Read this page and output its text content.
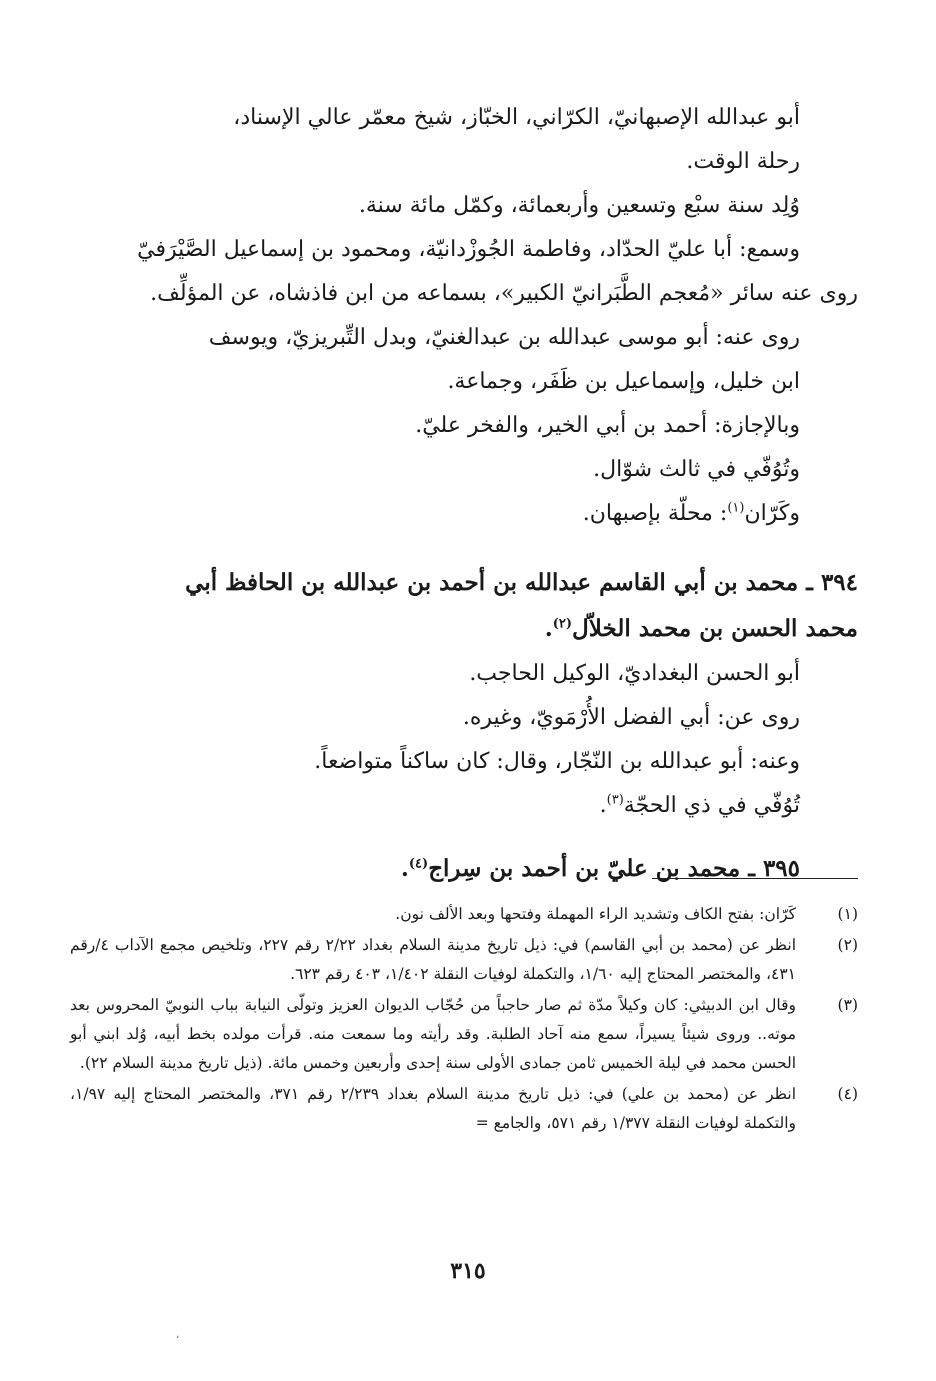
أبو عبدالله الإصبهانيّ، الكرّاني، الخبّاز، شيخ معمّر عالي الإسناد،
رحلة الوقت.

وُلِد سنة سبْع وتسعين وأربعمائة، وكمّل مائة سنة.

وسمع: أبا عليّ الحدّاد، وفاطمة الجُوزْدانيّة، ومحمود بن إسماعيل الصَّيْرَفيّ

روى عنه سائر «مُعجم الطَّبَرانيّ الكبير»، بسماعه من ابن فاذشاه، عن المؤلِّف.

روى عنه: أبو موسى عبدالله بن عبدالغنيّ، وبدل التِّبريزيّ، ويوسف
ابن خليل، وإسماعيل بن ظَفَر، وجماعة.

وبالإجازة: أحمد بن أبي الخير، والفخر عليّ.

وتُوُفّي في ثالث شوّال.

وكَرّان$^{(١)}$: محلّة بإصبهان.

٣٩٤ ـ محمد بن أبي القاسم عبدالله بن أحمد بن عبدالله بن الحافظ أبي
محمد الحسن بن محمد الخلاّل$^{(٢)}$.

أبو الحسن البغداديّ، الوكيل الحاجب.

روى عن: أبي الفضل الأُرْمَويّ، وغيره.

وعنه: أبو عبدالله بن النّجّار، وقال: كان ساكناً متواضعاً.

تُوُفّي في ذي الحجّة$^{(٣)}$.

٣٩٥ ـ محمد بن عليّ بن أحمد بن سِراج$^{(٤)}$.

(١)
كَرّان: بفتح الكاف وتشديد الراء المهملة وفتحها وبعد الألف نون.
(٢)
انظر عن (محمد بن أبي القاسم) في: ذيل تاريخ مدينة السلام بغداد ٢/٢٢ رقم ٢٢٧، وتلخيص مجمع الآداب ٤/رقم ٤٣١، والمختصر المحتاج إليه ١/٦٠، والتكملة لوفيات النقلة ١/٤٠٢، ٤٠٣ رقم ٦٢٣.
(٣)
وقال ابن الدبيثي: كان وكيلاً مدّة ثم صار حاجباً من حُجّاب الديوان العزيز وتولّى النيابة بباب النوبيّ المحروس بعد موته.. وروى شيئاً يسيراً، سمع منه آحاد الطلبة. وقد رأيته وما سمعت منه. قرأت مولده بخط أبيه، وُلد ابني أبو الحسن محمد في ليلة الخميس ثامن جمادى الأولى سنة إحدى وأربعين وخمس مائة. (ذيل تاريخ مدينة السلام ٢٢).
(٤)
انظر عن (محمد بن علي) في: ذيل تاريخ مدينة السلام بغداد ٢/٢٣٩ رقم ٣٧١، والمختصر المحتاج إليه ١/٩٧، والتكملة لوفيات النقلة ١/٣٧٧ رقم ٥٧١، والجامع =
٣١٥
،
